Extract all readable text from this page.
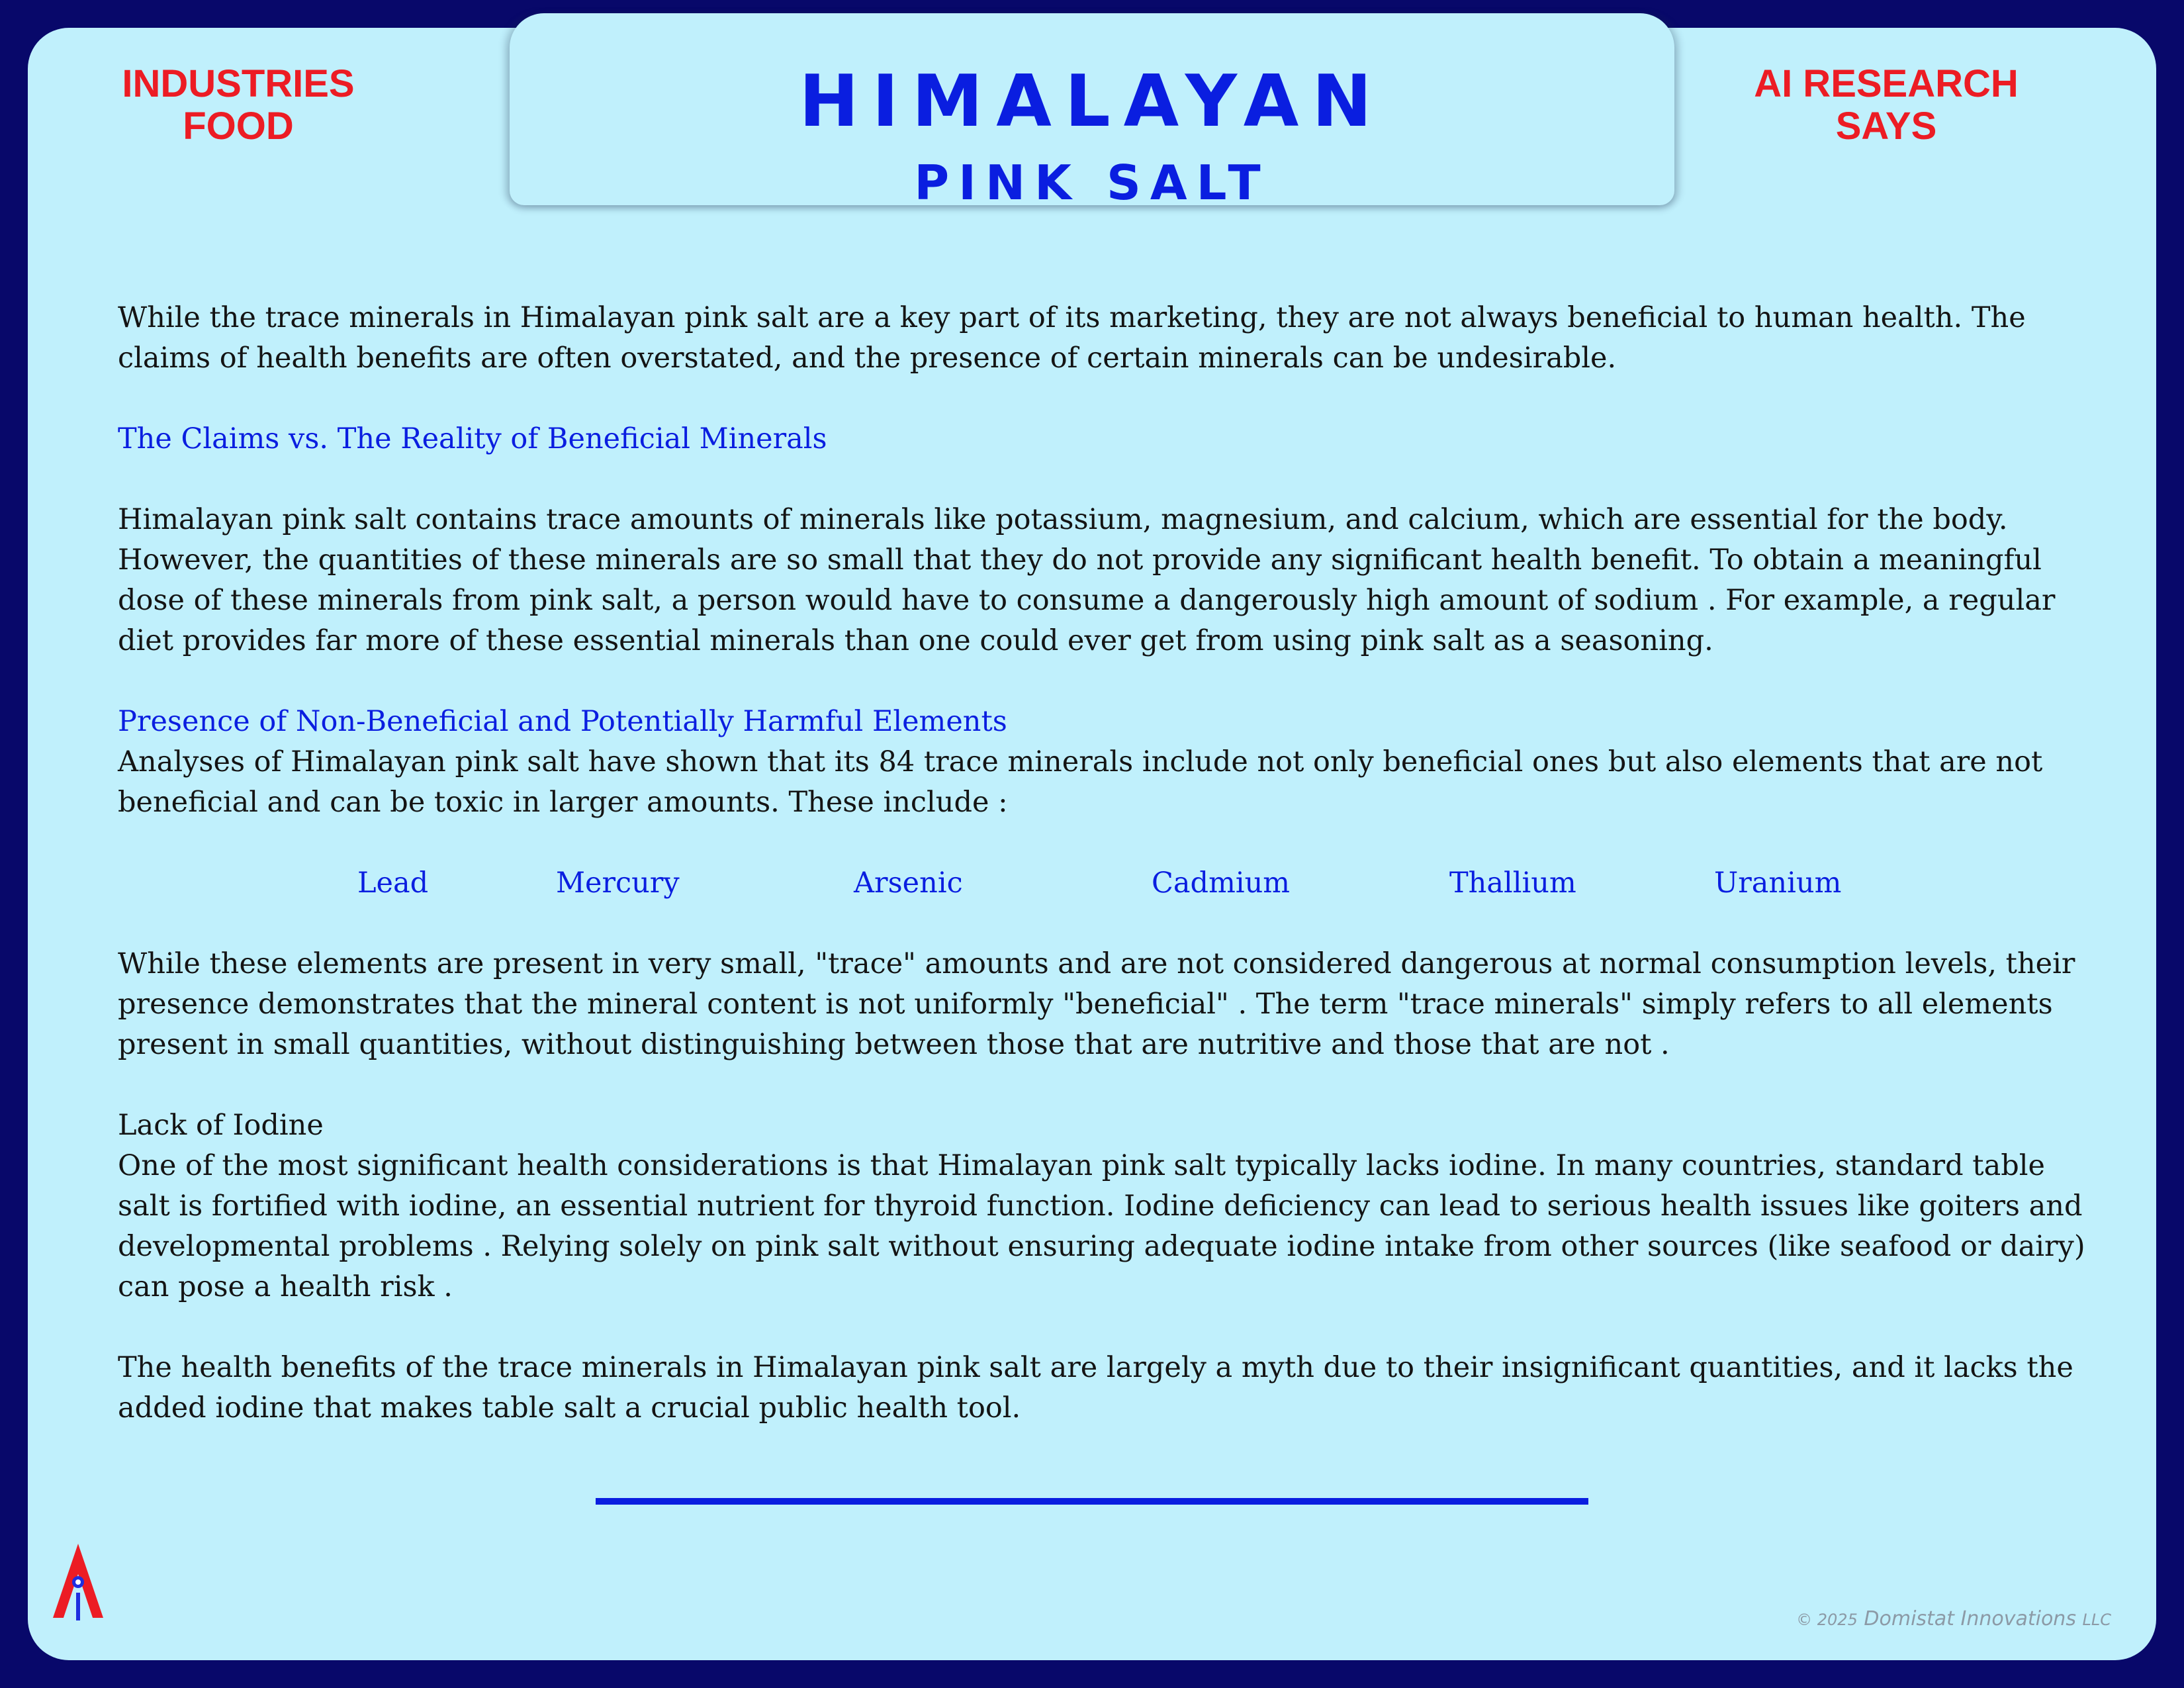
HIMALAYAN
PINK SALT
INDUSTRIES
FOOD
AI RESEARCH
SAYS

While the trace minerals in Himalayan pink salt are a key part of its marketing, they are not always beneficial to human health. The claims of health benefits are often overstated, and the presence of certain minerals can be undesirable.

The Claims vs. The Reality of Beneficial Minerals

Himalayan pink salt contains trace amounts of minerals like potassium, magnesium, and calcium, which are essential for the body. However, the quantities of these minerals are so small that they do not provide any significant health benefit. To obtain a meaningful dose of these minerals from pink salt, a person would have to consume a dangerously high amount of sodium . For example, a regular diet provides far more of these essential minerals than one could ever get from using pink salt as a seasoning.

Presence of Non-Beneficial and Potentially Harmful Elements

Analyses of Himalayan pink salt have shown that its 84 trace minerals include not only beneficial ones but also elements that are not beneficial and can be toxic in larger amounts. These include :

Lead	Mercury	Arsenic	Cadmium	Thallium	Uranium

While these elements are present in very small, "trace" amounts and are not considered dangerous at normal consumption levels, their presence demonstrates that the mineral content is not uniformly "beneficial" . The term "trace minerals" simply refers to all elements present in small quantities, without distinguishing between those that are nutritive and those that are not .

Lack of Iodine

One of the most significant health considerations is that Himalayan pink salt typically lacks iodine. In many countries, standard table salt is fortified with iodine, an essential nutrient for thyroid function. Iodine deficiency can lead to serious health issues like goiters and developmental problems . Relying solely on pink salt without ensuring adequate iodine intake from other sources (like seafood or dairy) can pose a health risk .

The health benefits of the trace minerals in Himalayan pink salt are largely a myth due to their insignificant quantities, and it lacks the added iodine that makes table salt a crucial public health tool.

© 2025 Domistat Innovations LLC
